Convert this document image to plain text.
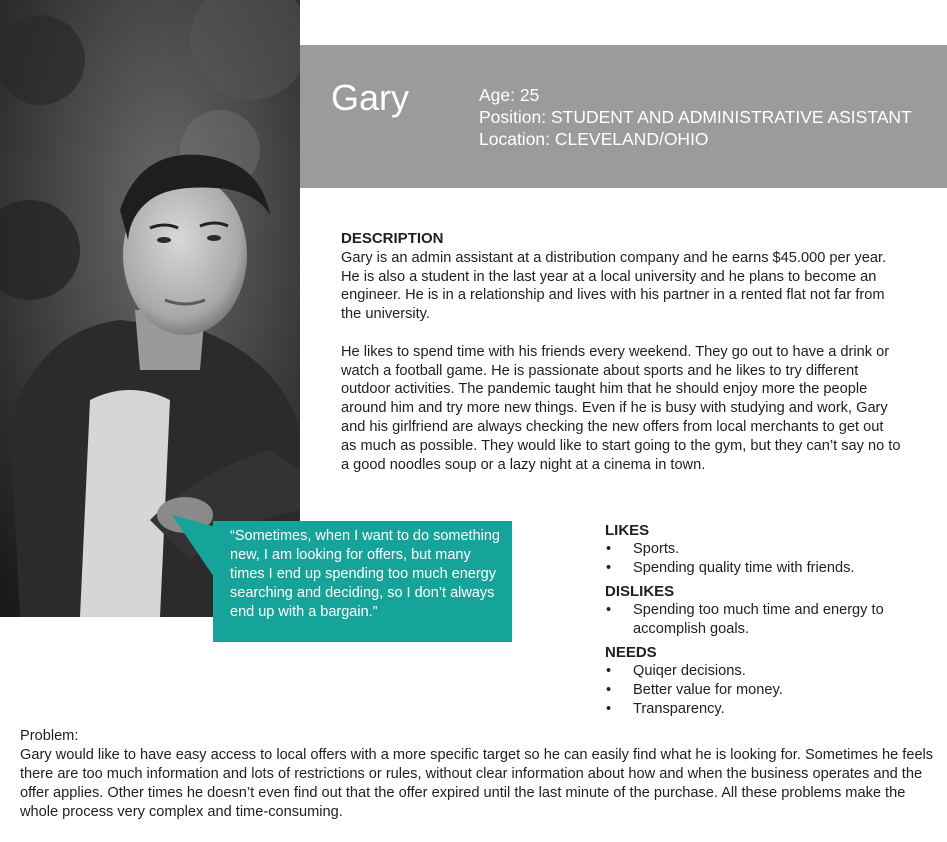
Gary	Age: 25
Position: STUDENT AND ADMINISTRATIVE ASISTANT
Location: CLEVELAND/OHIO
DESCRIPTION

Gary is an admin assistant at a distribution company and he earns $45.000 per year. He is also a student in the last year at a local university and he plans to become an engineer. He is in a relationship and lives with his partner in a rented flat not far from the university.

He likes to spend time with his friends every weekend. They go out to have a drink or watch a football game. He is passionate about sports and he likes to try different outdoor activities. The pandemic taught him that he should enjoy more the people around him and try more new things. Even if he is busy with studying and work, Gary and his girlfriend are always checking the new offers from local merchants to get out as much as possible. They would like to start going to the gym, but they can’t say no to a good noodles soup or a lazy night at a cinema in town.

“Sometimes, when I want to do something new, I am looking for offers, but many times I end up spending too much energy searching and deciding, so I don’t always end up with a bargain.”
LIKES
• Sports.
• Spending quality time with friends.
DISLIKES
• Spending too much time and energy to accomplish goals.
NEEDS
• Quiqer decisions.
• Better value for money.
• Transparency.
Problem:
Gary would like to have easy access to local offers with a more specific target so he can easily find what he is looking for. Sometimes he feels there are too much information and lots of restrictions or rules, without clear information about how and when the business operates and the offer applies. Other times he doesn’t even find out that the offer expired until the last minute of the purchase. All these problems make the whole process very complex and time-consuming.
